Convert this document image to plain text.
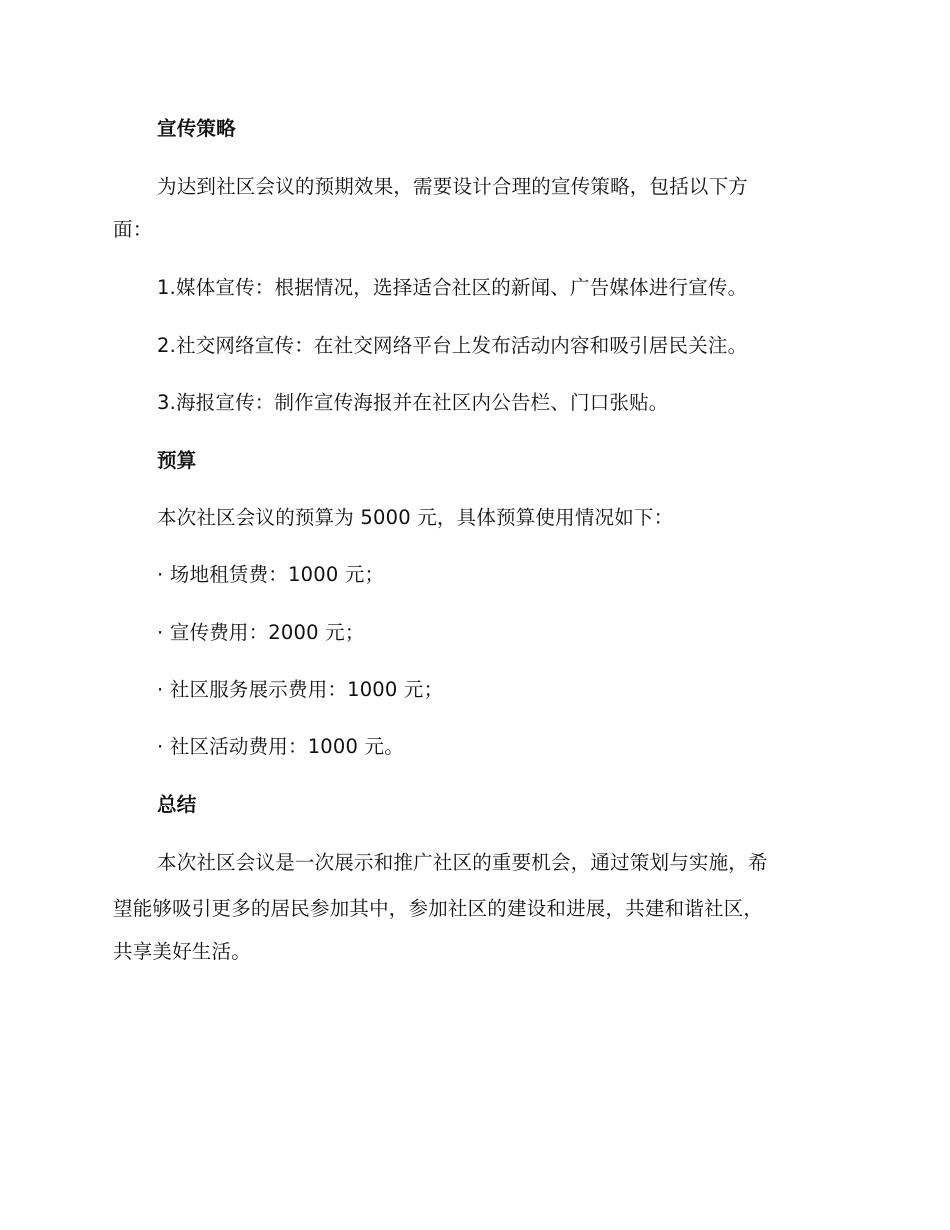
宣传策略
为达到社区会议的预期效果，需要设计合理的宣传策略，包括以下方
面：
1.媒体宣传：根据情况，选择适合社区的新闻、广告媒体进行宣传。
2.社交网络宣传：在社交网络平台上发布活动内容和吸引居民关注。
3.海报宣传：制作宣传海报并在社区内公告栏、门口张贴。
预算
本次社区会议的预算为 5000 元，具体预算使用情况如下：
· 场地租赁费：1000 元；
· 宣传费用：2000 元；
· 社区服务展示费用：1000 元；
· 社区活动费用：1000 元。
总结
本次社区会议是一次展示和推广社区的重要机会，通过策划与实施，希
望能够吸引更多的居民参加其中，参加社区的建设和进展，共建和谐社区，
共享美好生活。
